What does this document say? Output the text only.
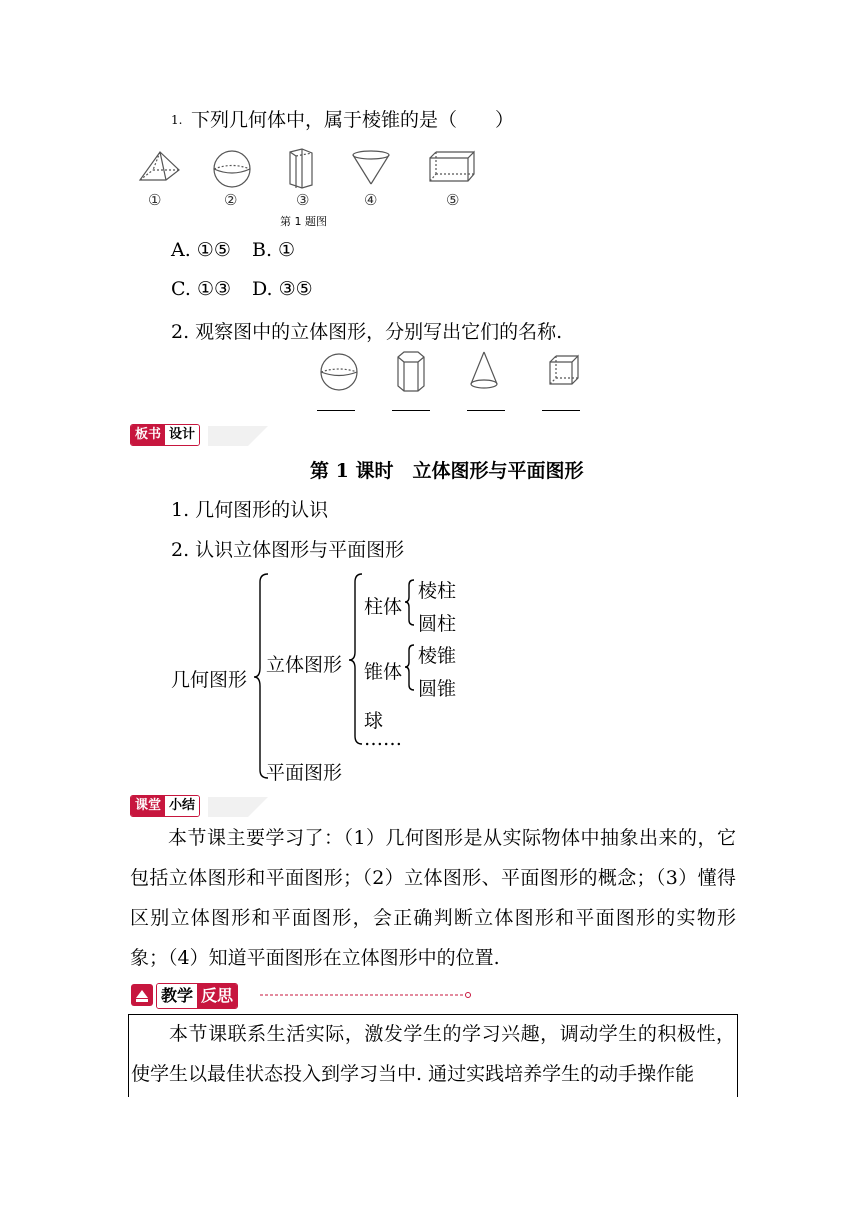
1. 下列几何体中，属于棱锥的是（　　）
①	②	③	④	⑤
第 1 题图
A. ①⑤ B. ①
C. ①③ D. ③⑤
2. 观察图中的立体图形，分别写出它们的名称.
板书 设计
第 1 课时　立体图形与平面图形
1. 几何图形的认识
2. 认识立体图形与平面图形
几何图形
立体图形
平面图形
柱体
棱柱
圆柱
锥体
棱锥
圆锥
球
……
课堂 小结
本节课主要学习了：（1）几何图形是从实际物体中抽象出来的，它包括立体图形和平面图形；（2）立体图形、平面图形的概念；（3）懂得区别立体图形和平面图形，会正确判断立体图形和平面图形的实物形象；（4）知道平面图形在立体图形中的位置.
教学 反思
本节课联系生活实际，激发学生的学习兴趣，调动学生的积极性，使学生以最佳状态投入到学习当中. 通过实践培养学生的动手操作能
